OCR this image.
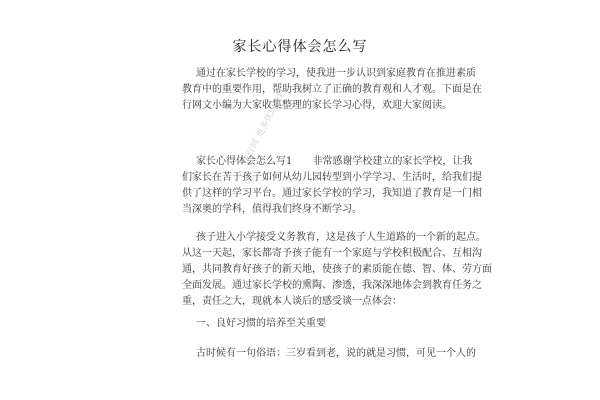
家长心得体会怎么写
通过在家长学校的学习，使我进一步认识到家庭教育在推进素质
教育中的重要作用，帮助我树立了正确的教育观和人才观。下面是在
行网文小编为大家收集整理的家长学习心得，欢迎大家阅读。
家长心得体会怎么写1　　非常感谢学校建立的家长学校，让我
们家长在苦于孩子如何从幼儿园转型到小学学习、生活时，给我们提
供了这样的学习平台。通过家长学校的学习，我知道了教育是一门相
当深奥的学科，值得我们终身不断学习。
孩子进入小学接受义务教育，这是孩子人生道路的一个新的起点。
从这一天起，家长都寄予孩子能有一个家庭与学校积极配合、互相沟
通，共同教育好孩子的新天地，使孩子的素质能在德、智、体、劳方面
全面发展。通过家长学校的熏陶、渗透，我深深地体会到教育任务之
重，责任之大，现就本人谈后的感受谈一点体会：
一、良好习惯的培养至关重要
古时候有一句俗语：三岁看到老，说的就是习惯，可见一个人的
在行网 更多优质资料
